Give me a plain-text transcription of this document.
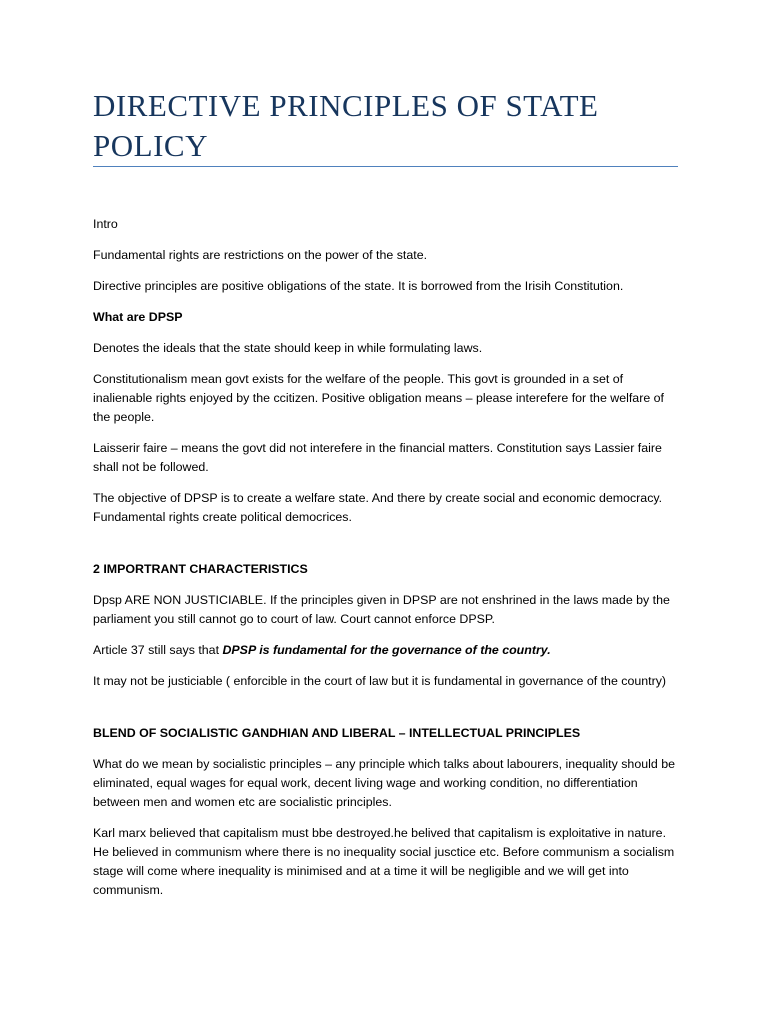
DIRECTIVE PRINCIPLES OF STATE POLICY

Intro

Fundamental rights are restrictions on the power of the state.

Directive principles are positive obligations of the state. It is borrowed from the Irisih Constitution.

What are DPSP

Denotes the ideals that the state should keep in while formulating laws.

Constitutionalism mean govt exists for the welfare of the people. This govt is grounded in a set of inalienable rights enjoyed by the ccitizen. Positive obligation means – please interefere for the welfare of the people.

Laisserir faire – means the govt did not interefere in the financial matters. Constitution says Lassier faire shall not be followed.

The objective of DPSP is to create a welfare state. And there by create social and economic democracy. Fundamental rights create political democrices.

2 IMPORTRANT CHARACTERISTICS

Dpsp ARE NON JUSTICIABLE. If the principles given in DPSP are not enshrined in the laws made by the parliament you still cannot go to court of law. Court cannot enforce DPSP.

Article 37 still says that DPSP is fundamental for the governance of the country.

It may not be justiciable ( enforcible in the court of law but it is fundamental in governance of the country)

BLEND OF SOCIALISTIC GANDHIAN AND LIBERAL – INTELLECTUAL PRINCIPLES

What do we mean by socialistic principles – any principle which talks about labourers, inequality should be eliminated, equal wages for equal work, decent living wage and working condition, no differentiation between men and women etc are socialistic principles.

Karl marx believed that capitalism must bbe destroyed.he belived that capitalism is exploitative in nature. He believed in communism where there is no inequality social jusctice etc. Before communism a socialism stage will come where inequality is minimised and at a time it will be negligible and we will get into communism.
